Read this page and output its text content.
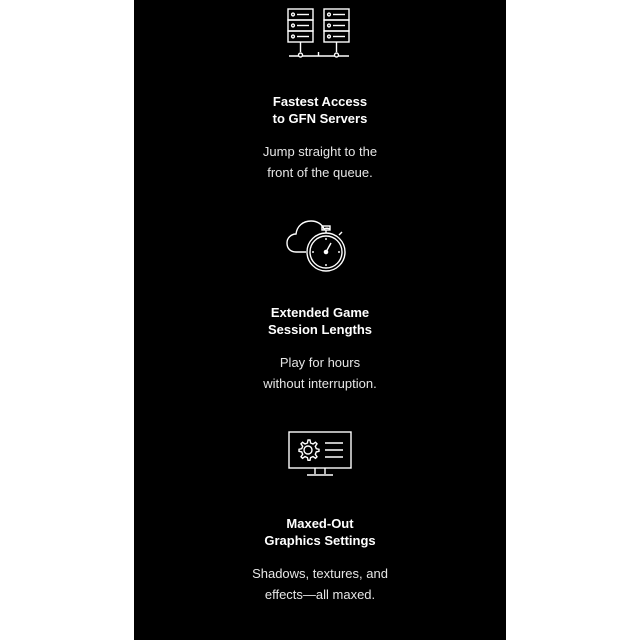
Fastest Access
to GFN Servers
Jump straight to the
front of the queue.
Extended Game
Session Lengths
Play for hours
without interruption.
Maxed-Out
Graphics Settings
Shadows, textures, and
effects—all maxed.
